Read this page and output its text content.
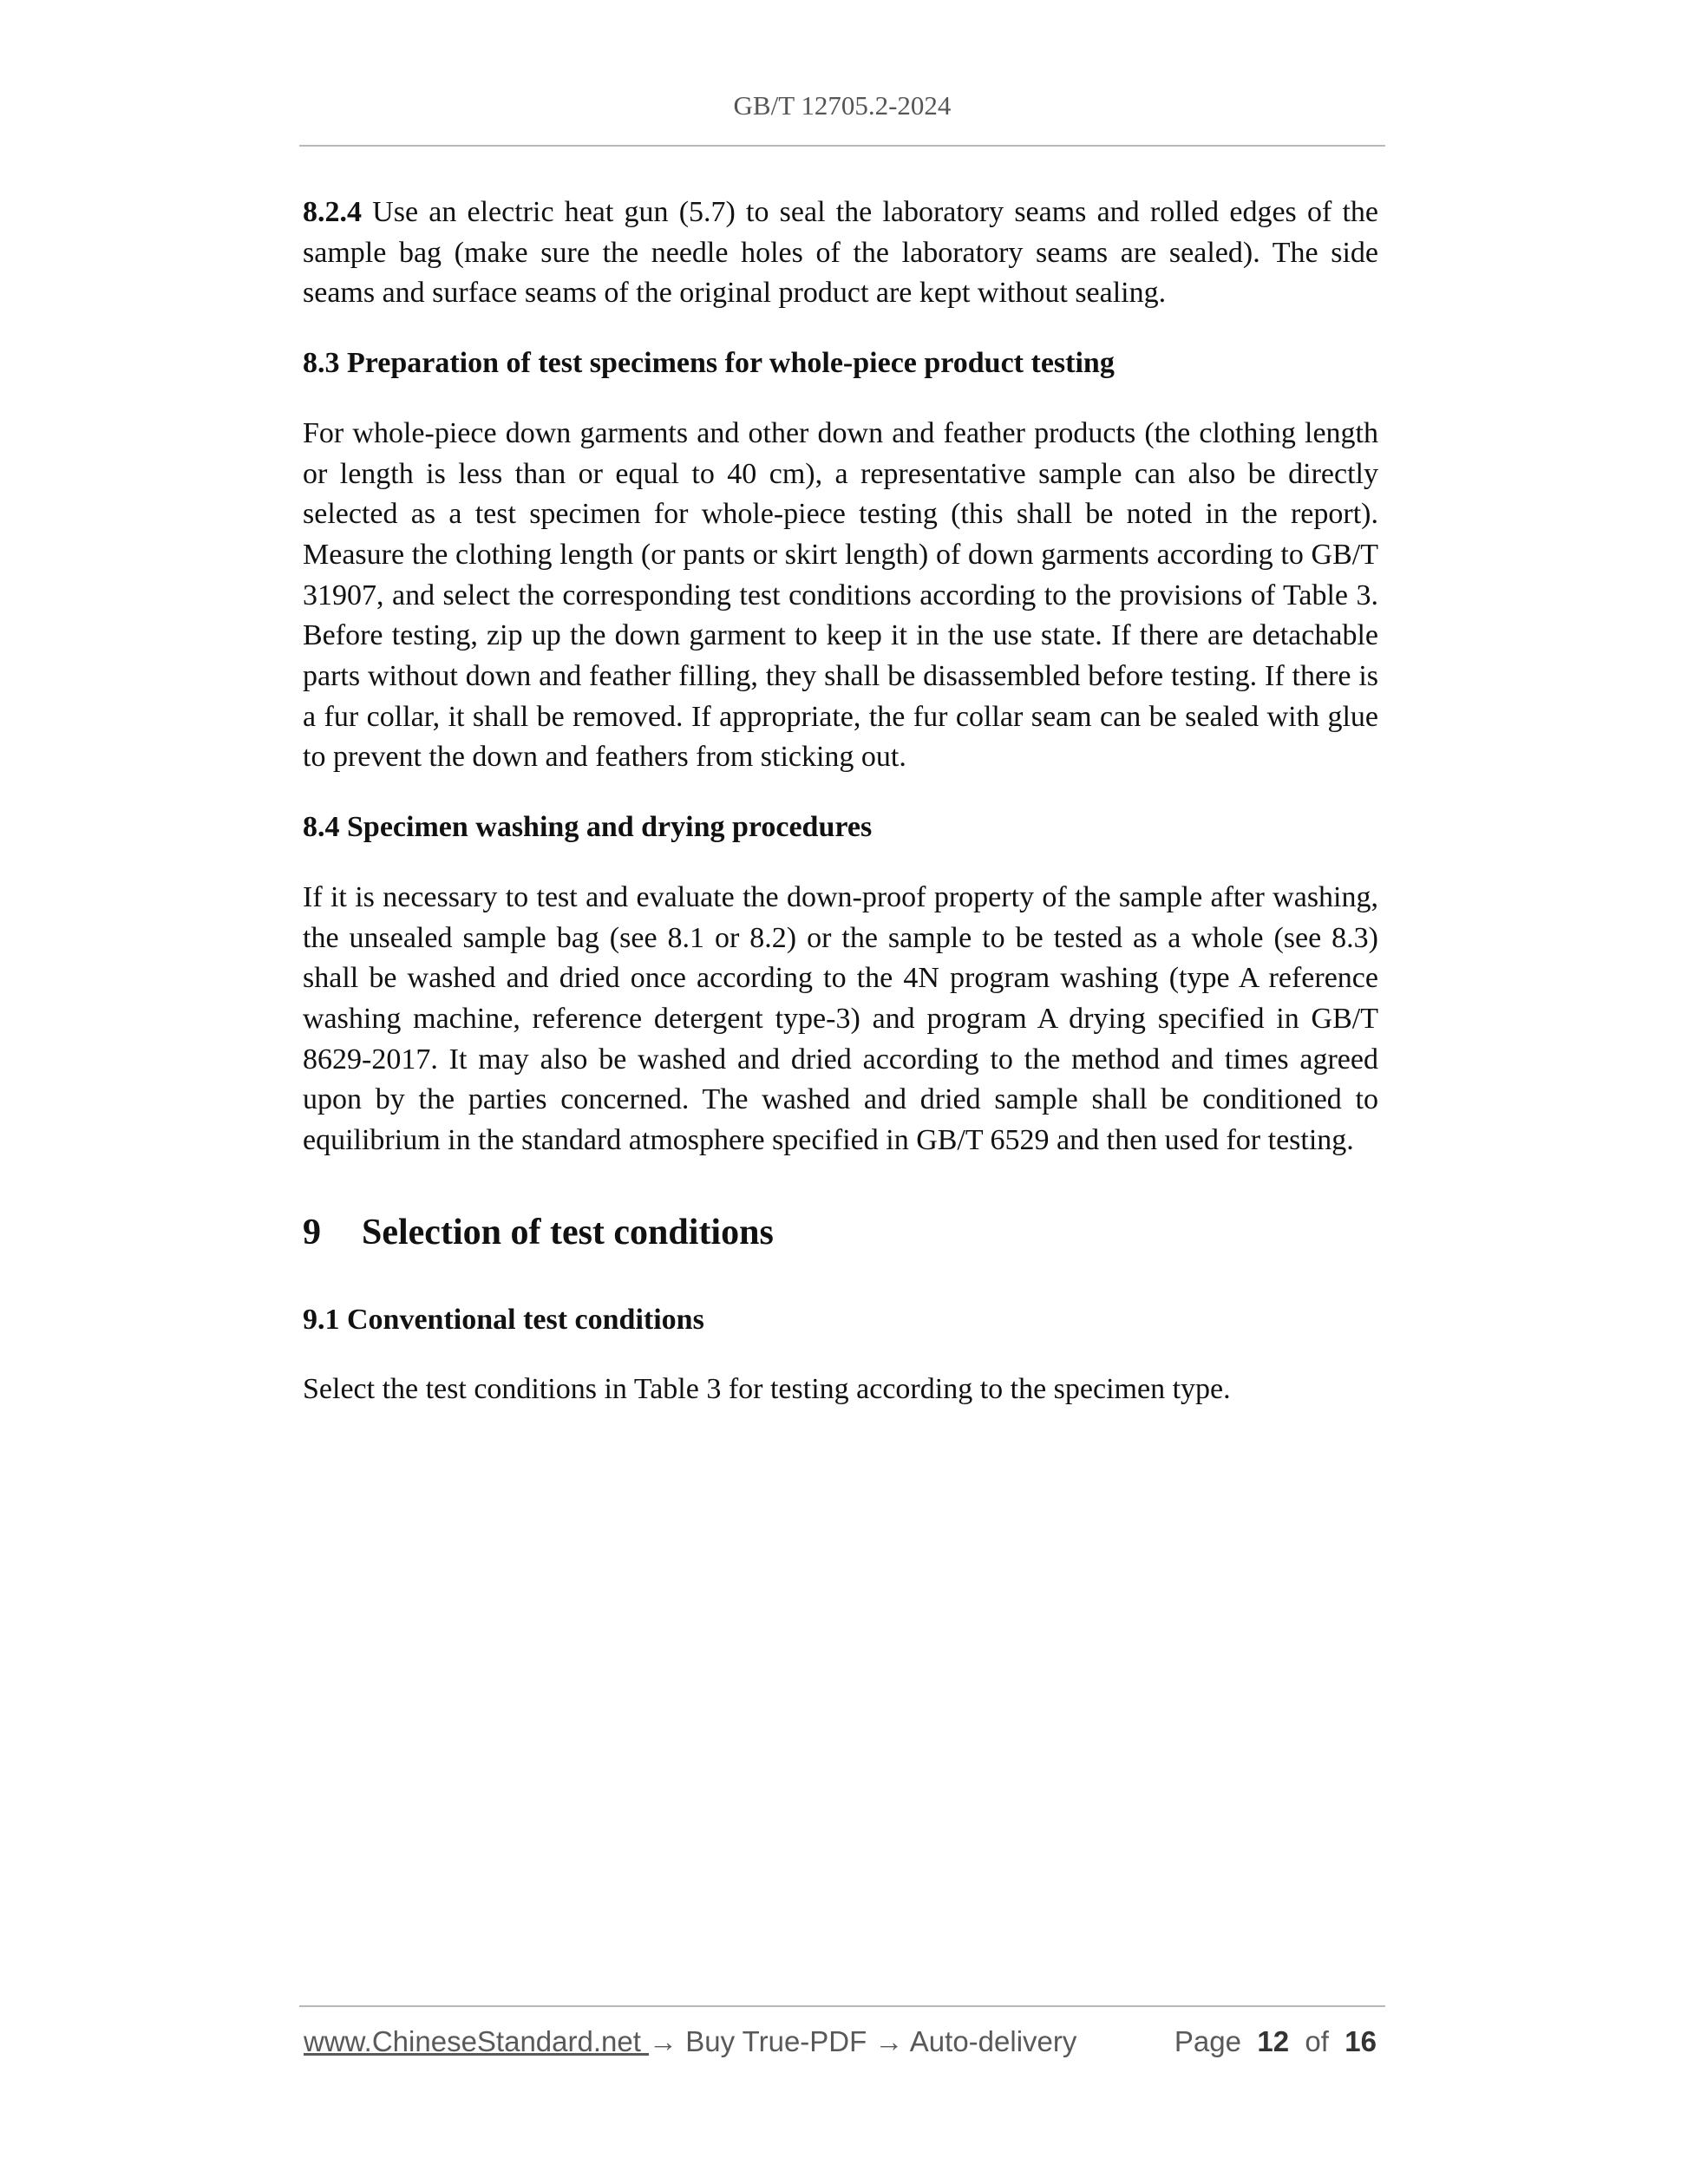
GB/T 12705.2-2024

8.2.4 Use an electric heat gun (5.7) to seal the laboratory seams and rolled edges of the sample bag (make sure the needle holes of the laboratory seams are sealed). The side seams and surface seams of the original product are kept without sealing.

8.3 Preparation of test specimens for whole-piece product testing

For whole-piece down garments and other down and feather products (the clothing length or length is less than or equal to 40 cm), a representative sample can also be directly selected as a test specimen for whole-piece testing (this shall be noted in the report). Measure the clothing length (or pants or skirt length) of down garments according to GB/T 31907, and select the corresponding test conditions according to the provisions of Table 3. Before testing, zip up the down garment to keep it in the use state. If there are detachable parts without down and feather filling, they shall be disassembled before testing. If there is a fur collar, it shall be removed. If appropriate, the fur collar seam can be sealed with glue to prevent the down and feathers from sticking out.

8.4 Specimen washing and drying procedures

If it is necessary to test and evaluate the down-proof property of the sample after washing, the unsealed sample bag (see 8.1 or 8.2) or the sample to be tested as a whole (see 8.3) shall be washed and dried once according to the 4N program washing (type A reference washing machine, reference detergent type-3) and program A drying specified in GB/T 8629-2017. It may also be washed and dried according to the method and times agreed upon by the parties concerned. The washed and dried sample shall be conditioned to equilibrium in the standard atmosphere specified in GB/T 6529 and then used for testing.

9 Selection of test conditions
9.1 Conventional test conditions

Select the test conditions in Table 3 for testing according to the specimen type.

www.ChineseStandard.net → Buy True-PDF → Auto-delivery	Page 12 of 16
